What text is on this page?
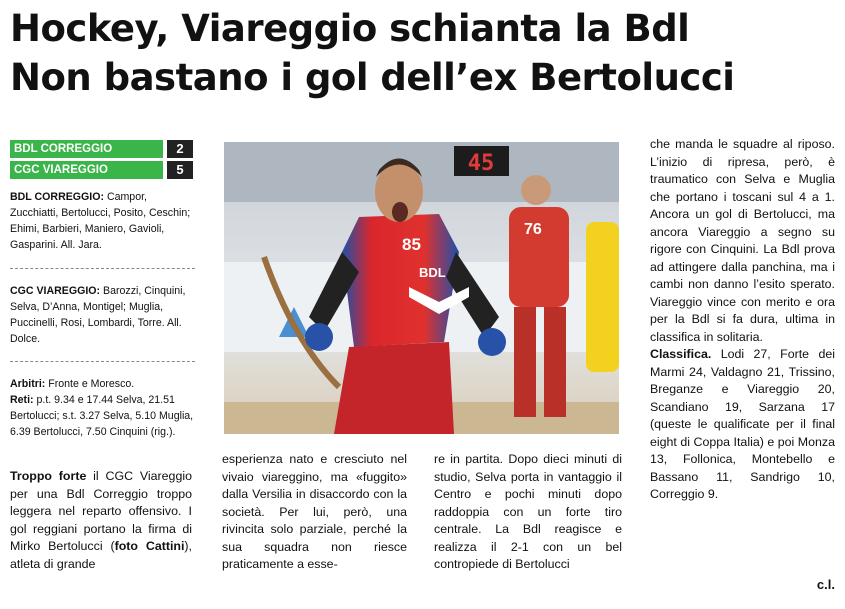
Hockey, Viareggio schianta la Bdl
Non bastano i gol dell’ex Bertolucci
BDL CORREGGIO	2
CGC VIAREGGIO	5
BDL CORREGGIO: Campor, Zucchiatti, Bertolucci, Posito, Ceschin; Ehimi, Barbieri, Maniero, Gavioli, Gasparini. All. Jara.
CGC VIAREGGIO: Barozzi, Cinquini, Selva, D’Anna, Montigel; Muglia, Puccinelli, Rosi, Lombardi, Torre. All. Dolce.
Arbitri: Fronte e Moresco.
Reti: p.t. 9.34 e 17.44 Selva, 21.51 Bertolucci; s.t. 3.27 Selva, 5.10 Muglia, 6.39 Bertolucci, 7.50 Cinquini (rig.).
45
76
85
BDL

Troppo forte il CGC Viareggio per una Bdl Correggio troppo leggera nel reparto offensivo. I gol reggiani portano la firma di Mirko Bertolucci (foto Cattini), atleta di grande

esperienza nato e cresciuto nel vivaio viareggino, ma «fuggito» dalla Versilia in disaccordo con la società. Per lui, però, una rivincita solo parziale, perché la sua squadra non riesce praticamente a esse-

re in partita. Dopo dieci minuti di studio, Selva porta in vantaggio il Centro e pochi minuti dopo raddoppia con un forte tiro centrale. La Bdl reagisce e realizza il 2-1 con un bel contropiede di Bertolucci

che manda le squadre al riposo. L’inizio di ripresa, però, è traumatico con Selva e Muglia che portano i toscani sul 4 a 1. Ancora un gol di Bertolucci, ma ancora Viareggio a segno su rigore con Cinquini. La Bdl prova ad attingere dalla panchina, ma i cambi non danno l’esito sperato. Viareggio vince con merito e ora per la Bdl si fa dura, ultima in classifica in solitaria.

Classifica. Lodi 27, Forte dei Marmi 24, Valdagno 21, Trissino, Breganze e Viareggio 20, Scandiano 19, Sarzana 17 (queste le qualificate per il final eight di Coppa Italia) e poi Monza 13, Follonica, Montebello e Bassano 11, Sandrigo 10, Correggio 9.

c.l.
